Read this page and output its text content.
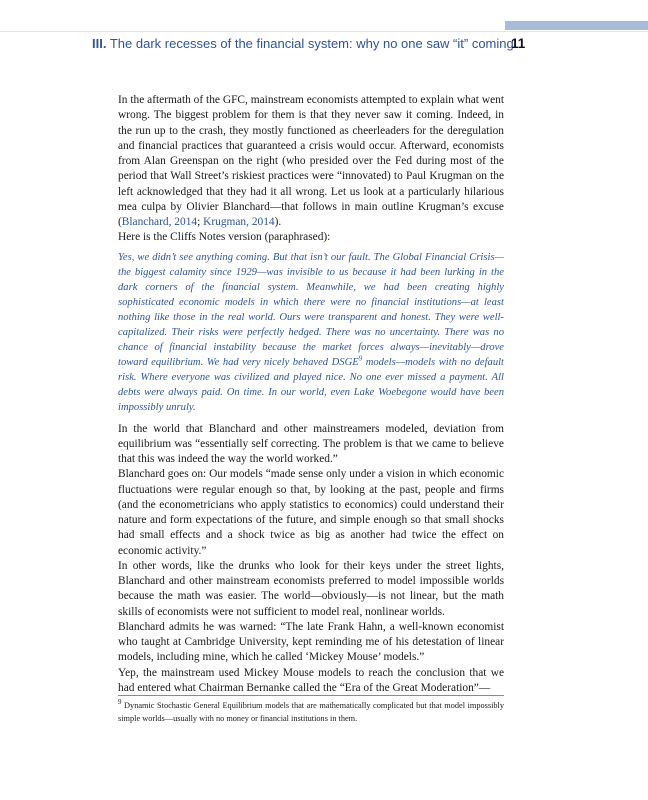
III. The dark recesses of the financial system: why no one saw “it” coming
11

In the aftermath of the GFC, mainstream economists attempted to explain what went wrong. The biggest problem for them is that they never saw it coming. Indeed, in the run up to the crash, they mostly functioned as cheerleaders for the deregulation and financial practices that guaranteed a crisis would occur. Afterward, economists from Alan Greenspan on the right (who presided over the Fed during most of the period that Wall Street’s riskiest practices were “innovated) to Paul Krugman on the left acknowledged that they had it all wrong. Let us look at a particularly hilarious mea culpa by Olivier Blanchard—that follows in main outline Krugman’s excuse (Blanchard, 2014; Krugman, 2014).

Here is the Cliffs Notes version (paraphrased):

Yes, we didn’t see anything coming. But that isn’t our fault. The Global Financial Crisis—the biggest calamity since 1929—was invisible to us because it had been lurking in the dark corners of the financial system. Meanwhile, we had been creating highly sophisticated economic models in which there were no financial institutions—at least nothing like those in the real world. Ours were transparent and honest. They were well-capitalized. Their risks were perfectly hedged. There was no uncertainty. There was no chance of financial instability because the market forces always—inevitably—drove toward equilibrium. We had very nicely behaved DSGE$^9$ models—models with no default risk. Where everyone was civilized and played nice. No one ever missed a payment. All debts were always paid. On time. In our world, even Lake Woebegone would have been impossibly unruly.

In the world that Blanchard and other mainstreamers modeled, deviation from equilibrium was “essentially self correcting. The problem is that we came to believe that this was indeed the way the world worked.”

Blanchard goes on: Our models “made sense only under a vision in which economic fluctuations were regular enough so that, by looking at the past, people and firms (and the econometricians who apply statistics to economics) could understand their nature and form expectations of the future, and simple enough so that small shocks had small effects and a shock twice as big as another had twice the effect on economic activity.”

In other words, like the drunks who look for their keys under the street lights, Blanchard and other mainstream economists preferred to model impossible worlds because the math was easier. The world—obviously—is not linear, but the math skills of economists were not sufficient to model real, nonlinear worlds.

Blanchard admits he was warned: “The late Frank Hahn, a well-known economist who taught at Cambridge University, kept reminding me of his detestation of linear models, including mine, which he called ‘Mickey Mouse’ models.”

Yep, the mainstream used Mickey Mouse models to reach the conclusion that we had entered what Chairman Bernanke called the “Era of the Great Moderation”—

$^9$ Dynamic Stochastic General Equilibrium models that are mathematically complicated but that model impossibly simple worlds—usually with no money or financial institutions in them.
